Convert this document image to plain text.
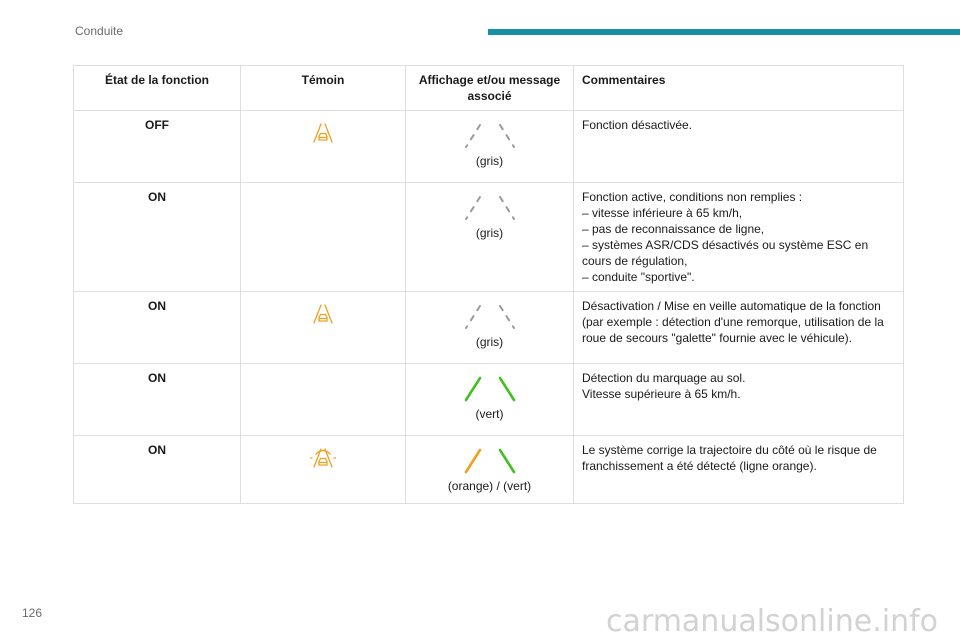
Conduite
État de la fonction	Témoin	Affichage et/ou message associé	Commentaires
OFF		(gris)	Fonction désactivée.

ON		(gris)	Fonction active, conditions non remplies :
– vitesse inférieure à 65 km/h,
– pas de reconnaissance de ligne,
– systèmes ASR/CDS désactivés ou système ESC en cours de régulation,
– conduite "sportive".

ON		(gris)	Désactivation / Mise en veille automatique de la fonction (par exemple : détection d'une remorque, utilisation de la roue de secours "galette" fournie avec le véhicule).

ON		(vert)	Détection du marquage au sol.
Vitesse supérieure à 65 km/h.

ON		(orange) / (vert)	Le système corrige la trajectoire du côté où le risque de franchissement a été détecté (ligne orange).
126	carmanualsonline.info
